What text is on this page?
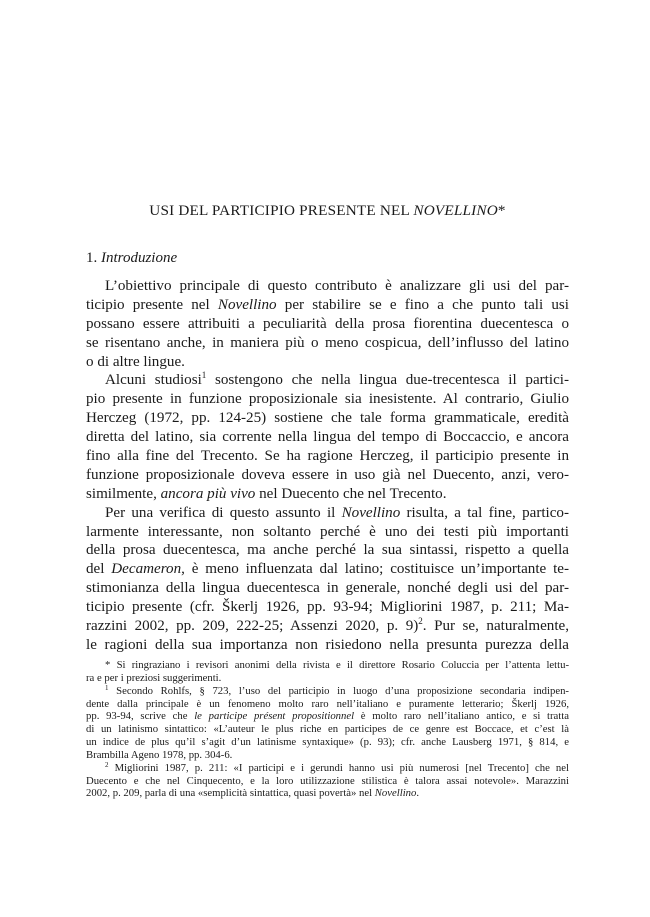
USI DEL PARTICIPIO PRESENTE NEL NOVELLINO*
1. Introduzione
L’obiettivo principale di questo contributo è analizzare gli usi del par-
ticipio presente nel Novellino per stabilire se e fino a che punto tali usi
possano essere attribuiti a peculiarità della prosa fiorentina duecentesca o
se risentano anche, in maniera più o meno cospicua, dell’influsso del latino
o di altre lingue.
Alcuni studiosi$^1$ sostengono che nella lingua due-trecentesca il partici-
pio presente in funzione proposizionale sia inesistente. Al contrario, Giulio
Herczeg (1972, pp. 124-25) sostiene che tale forma grammaticale, eredità
diretta del latino, sia corrente nella lingua del tempo di Boccaccio, e ancora
fino alla fine del Trecento. Se ha ragione Herczeg, il participio presente in
funzione proposizionale doveva essere in uso già nel Duecento, anzi, vero-
similmente, ancora più vivo nel Duecento che nel Trecento.
Per una verifica di questo assunto il Novellino risulta, a tal fine, partico-
larmente interessante, non soltanto perché è uno dei testi più importanti
della prosa duecentesca, ma anche perché la sua sintassi, rispetto a quella
del Decameron, è meno influenzata dal latino; costituisce un’importante te-
stimonianza della lingua duecentesca in generale, nonché degli usi del par-
ticipio presente (cfr. Škerlj 1926, pp. 93-94; Migliorini 1987, p. 211; Ma-
razzini 2002, pp. 209, 222-25; Assenzi 2020, p. 9)$^2$. Pur se, naturalmente,
le ragioni della sua importanza non risiedono nella presunta purezza della
* Si ringraziano i revisori anonimi della rivista e il direttore Rosario Coluccia per l’attenta lettu-
ra e per i preziosi suggerimenti.
$^1$ Secondo Rohlfs, § 723, l’uso del participio in luogo d’una proposizione secondaria indipen-
dente dalla principale è un fenomeno molto raro nell’italiano e puramente letterario; Škerlj 1926,
pp. 93-94, scrive che le participe présent propositionnel è molto raro nell’italiano antico, e si tratta
di un latinismo sintattico: «L’auteur le plus riche en participes de ce genre est Boccace, et c’est là
un indice de plus qu’il s’agit d’un latinisme syntaxique» (p. 93); cfr. anche Lausberg 1971, § 814, e
Brambilla Ageno 1978, pp. 304-6.
$^2$ Migliorini 1987, p. 211: «I participi e i gerundi hanno usi più numerosi [nel Trecento] che nel
Duecento e che nel Cinquecento, e la loro utilizzazione stilistica è talora assai notevole». Marazzini
2002, p. 209, parla di una «semplicità sintattica, quasi povertà» nel Novellino.
